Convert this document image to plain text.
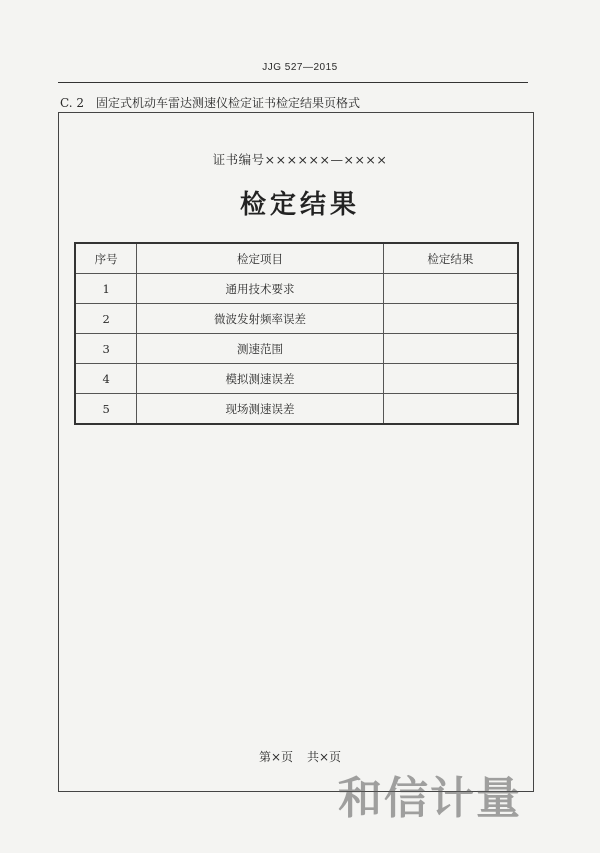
JJG 527—2015
C. 2 固定式机动车雷达测速仪检定证书检定结果页格式
证书编号××××××—××××
检定结果
序号	检定项目	检定结果
1	通用技术要求	
2	微波发射频率误差	
3	测速范围	
4	模拟测速误差	
5	现场测速误差	
第×页 共×页
和信计量
